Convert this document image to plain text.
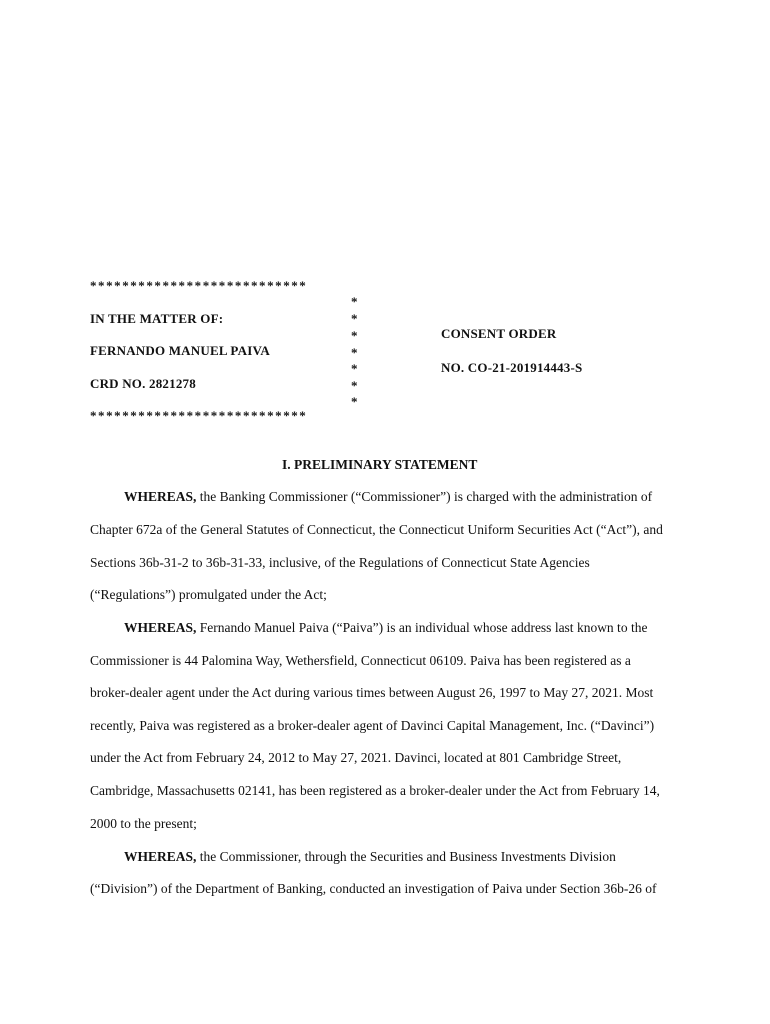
***************************
*
*
*
*
*
*
*
IN THE MATTER OF:
FERNANDO MANUEL PAIVA
CRD NO. 2821278
CONSENT ORDER
NO. CO-21-201914443-S
***************************
I. PRELIMINARY STATEMENT
WHEREAS, the Banking Commissioner (“Commissioner”) is charged with the administration of
Chapter 672a of the General Statutes of Connecticut, the Connecticut Uniform Securities Act (“Act”), and
Sections 36b-31-2 to 36b-31-33, inclusive, of the Regulations of Connecticut State Agencies
(“Regulations”) promulgated under the Act;
WHEREAS, Fernando Manuel Paiva (“Paiva”) is an individual whose address last known to the
Commissioner is 44 Palomina Way, Wethersfield, Connecticut 06109. Paiva has been registered as a
broker-dealer agent under the Act during various times between August 26, 1997 to May 27, 2021. Most
recently, Paiva was registered as a broker-dealer agent of Davinci Capital Management, Inc. (“Davinci”)
under the Act from February 24, 2012 to May 27, 2021. Davinci, located at 801 Cambridge Street,
Cambridge, Massachusetts 02141, has been registered as a broker-dealer under the Act from February 14,
2000 to the present;
WHEREAS, the Commissioner, through the Securities and Business Investments Division
(“Division”) of the Department of Banking, conducted an investigation of Paiva under Section 36b-26 of
